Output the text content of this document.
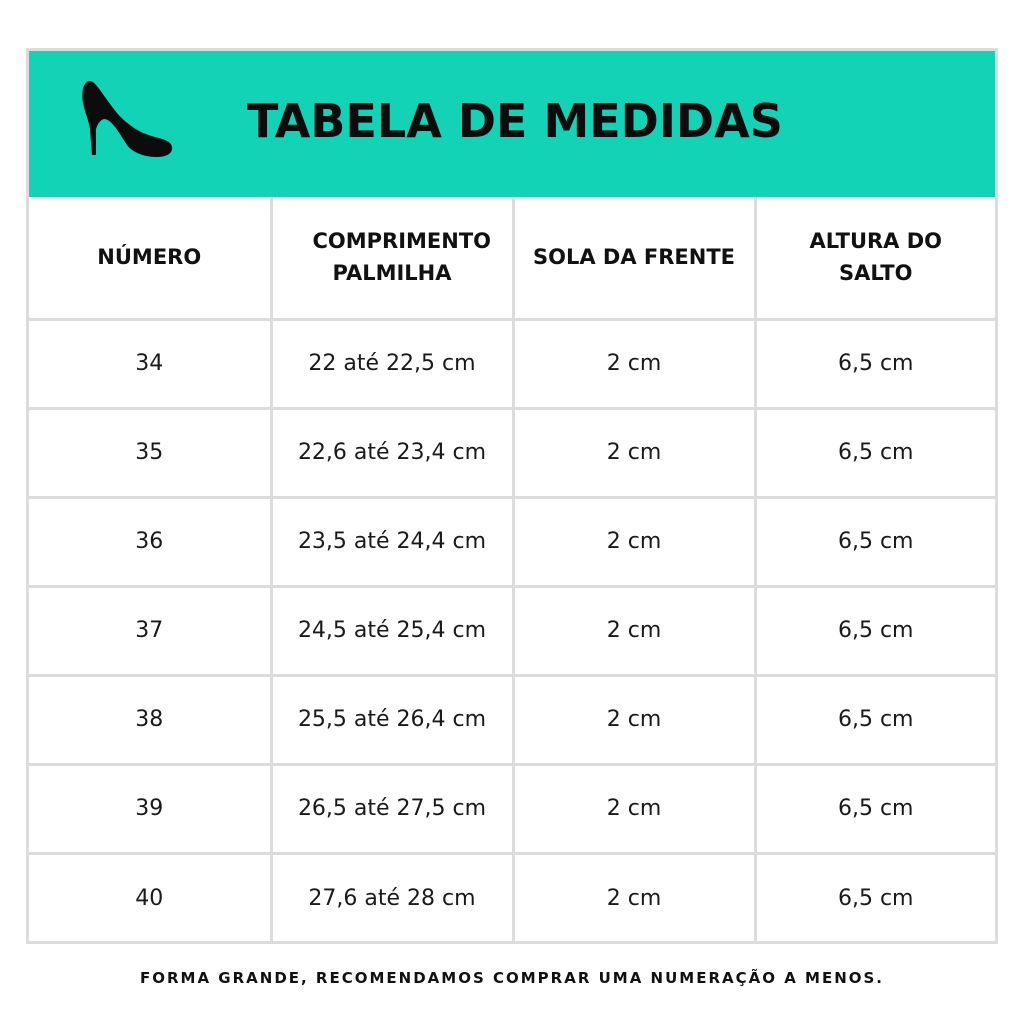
TABELA DE MEDIDAS
NÚMERO	COMPRIMENTO PALMILHA	SOLA DA FRENTE	ALTURA DO SALTO
34	22 até 22,5 cm	2 cm	6,5 cm
35	22,6 até 23,4 cm	2 cm	6,5 cm
36	23,5 até 24,4 cm	2 cm	6,5 cm
37	24,5 até 25,4 cm	2 cm	6,5 cm
38	25,5 até 26,4 cm	2 cm	6,5 cm
39	26,5 até 27,5 cm	2 cm	6,5 cm
40	27,6 até 28 cm	2 cm	6,5 cm
FORMA GRANDE, RECOMENDAMOS COMPRAR UMA NUMERAÇÃO A MENOS.
